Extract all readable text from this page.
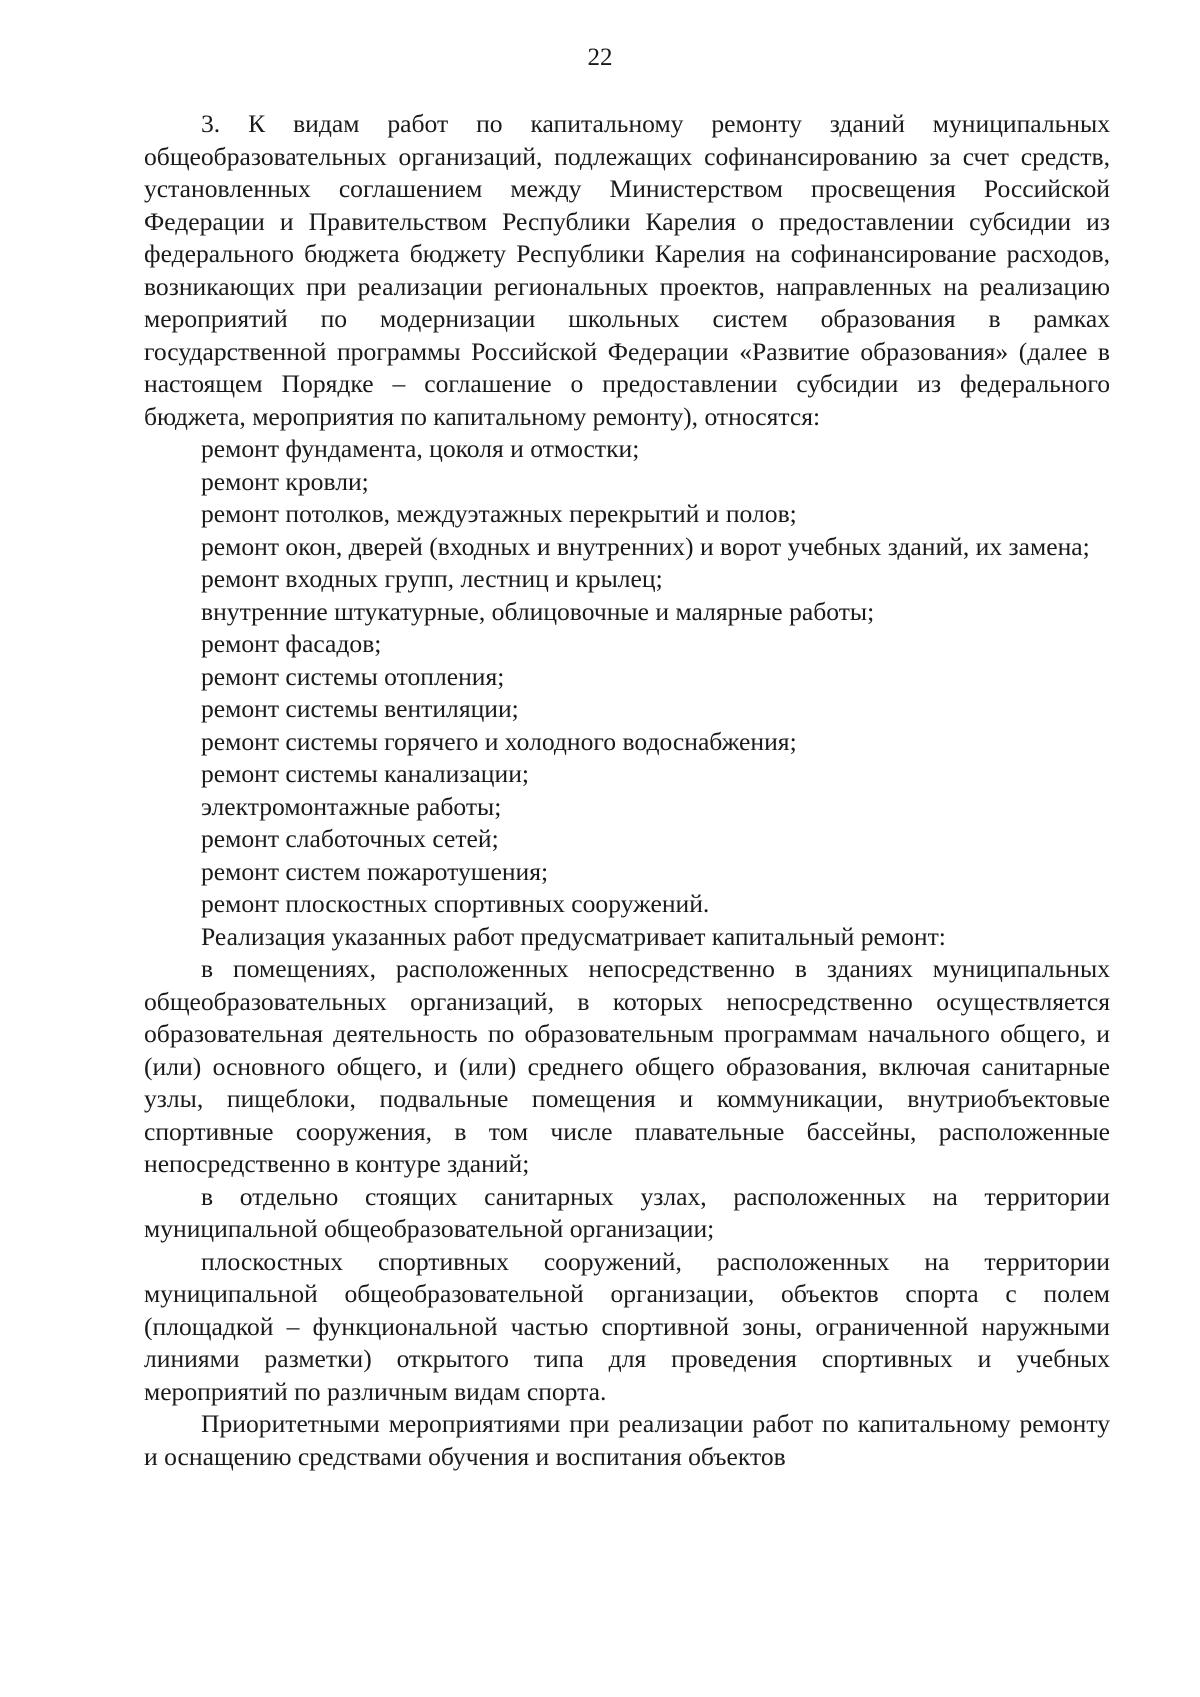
22

3. К видам работ по капитальному ремонту зданий муниципальных общеобразовательных организаций, подлежащих софинансированию за счет средств, установленных соглашением между Министерством просвещения Российской Федерации и Правительством Республики Карелия о предоставлении субсидии из федерального бюджета бюджету Республики Карелия на софинансирование расходов, возникающих при реализации региональных проектов, направленных на реализацию мероприятий по модернизации школьных систем образования в рамках государственной программы Российской Федерации «Развитие образования» (далее в настоящем Порядке – соглашение о предоставлении субсидии из федерального бюджета, мероприятия по капитальному ремонту), относятся:

ремонт фундамента, цоколя и отмостки;

ремонт кровли;

ремонт потолков, междуэтажных перекрытий и полов;

ремонт окон, дверей (входных и внутренних) и ворот учебных зданий, их замена;

ремонт входных групп, лестниц и крылец;

внутренние штукатурные, облицовочные и малярные работы;

ремонт фасадов;

ремонт системы отопления;

ремонт системы вентиляции;

ремонт системы горячего и холодного водоснабжения;

ремонт системы канализации;

электромонтажные работы;

ремонт слаботочных сетей;

ремонт систем пожаротушения;

ремонт плоскостных спортивных сооружений.

Реализация указанных работ предусматривает капитальный ремонт:

в помещениях, расположенных непосредственно в зданиях муниципальных общеобразовательных организаций, в которых непосредственно осуществляется образовательная деятельность по образовательным программам начального общего, и (или) основного общего, и (или) среднего общего образования, включая санитарные узлы, пищеблоки, подвальные помещения и коммуникации, внутриобъектовые спортивные сооружения, в том числе плавательные бассейны, расположенные непосредственно в контуре зданий;

в отдельно стоящих санитарных узлах, расположенных на территории муниципальной общеобразовательной организации;

плоскостных спортивных сооружений, расположенных на территории муниципальной общеобразовательной организации, объектов спорта с полем (площадкой – функциональной частью спортивной зоны, ограниченной наружными линиями разметки) открытого типа для проведения спортивных и учебных мероприятий по различным видам спорта.

Приоритетными мероприятиями при реализации работ по капитальному ремонту и оснащению средствами обучения и воспитания объектов
